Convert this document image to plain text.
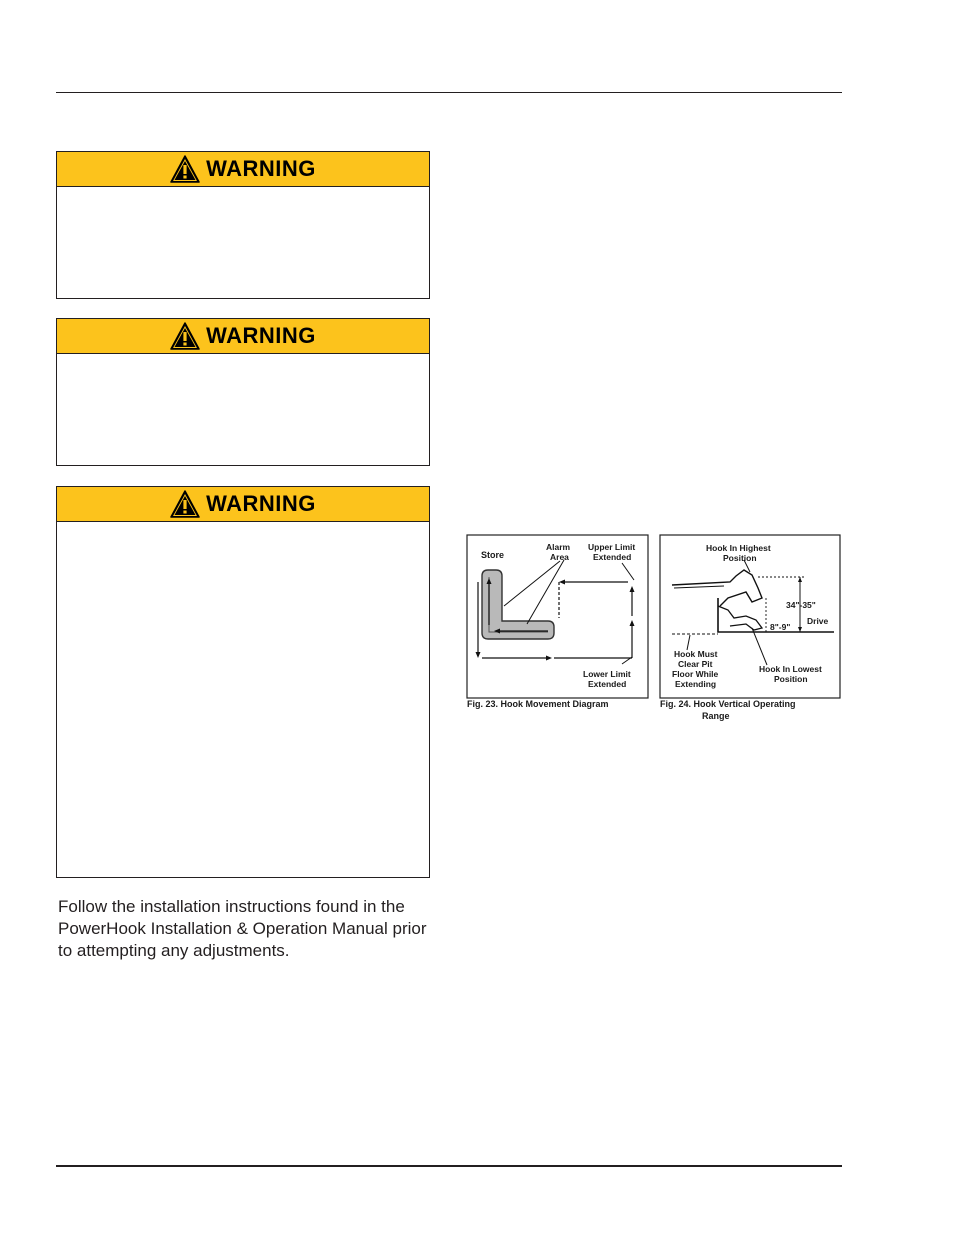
WARNING
WARNING
WARNING

Follow the installation instructions found in the PowerHook Installation & Operation Manual prior to attempting any adjustments.

Store
Alarm
Area
Upper Limit
Extended
Lower Limit
Extended
Fig. 23. Hook Movement Diagram
Hook In Highest
Position
34"-35"
8"-9"
Drive
Hook Must
Clear Pit
Floor While
Extending
Hook In Lowest
Position
Fig. 24. Hook Vertical Operating
Range
